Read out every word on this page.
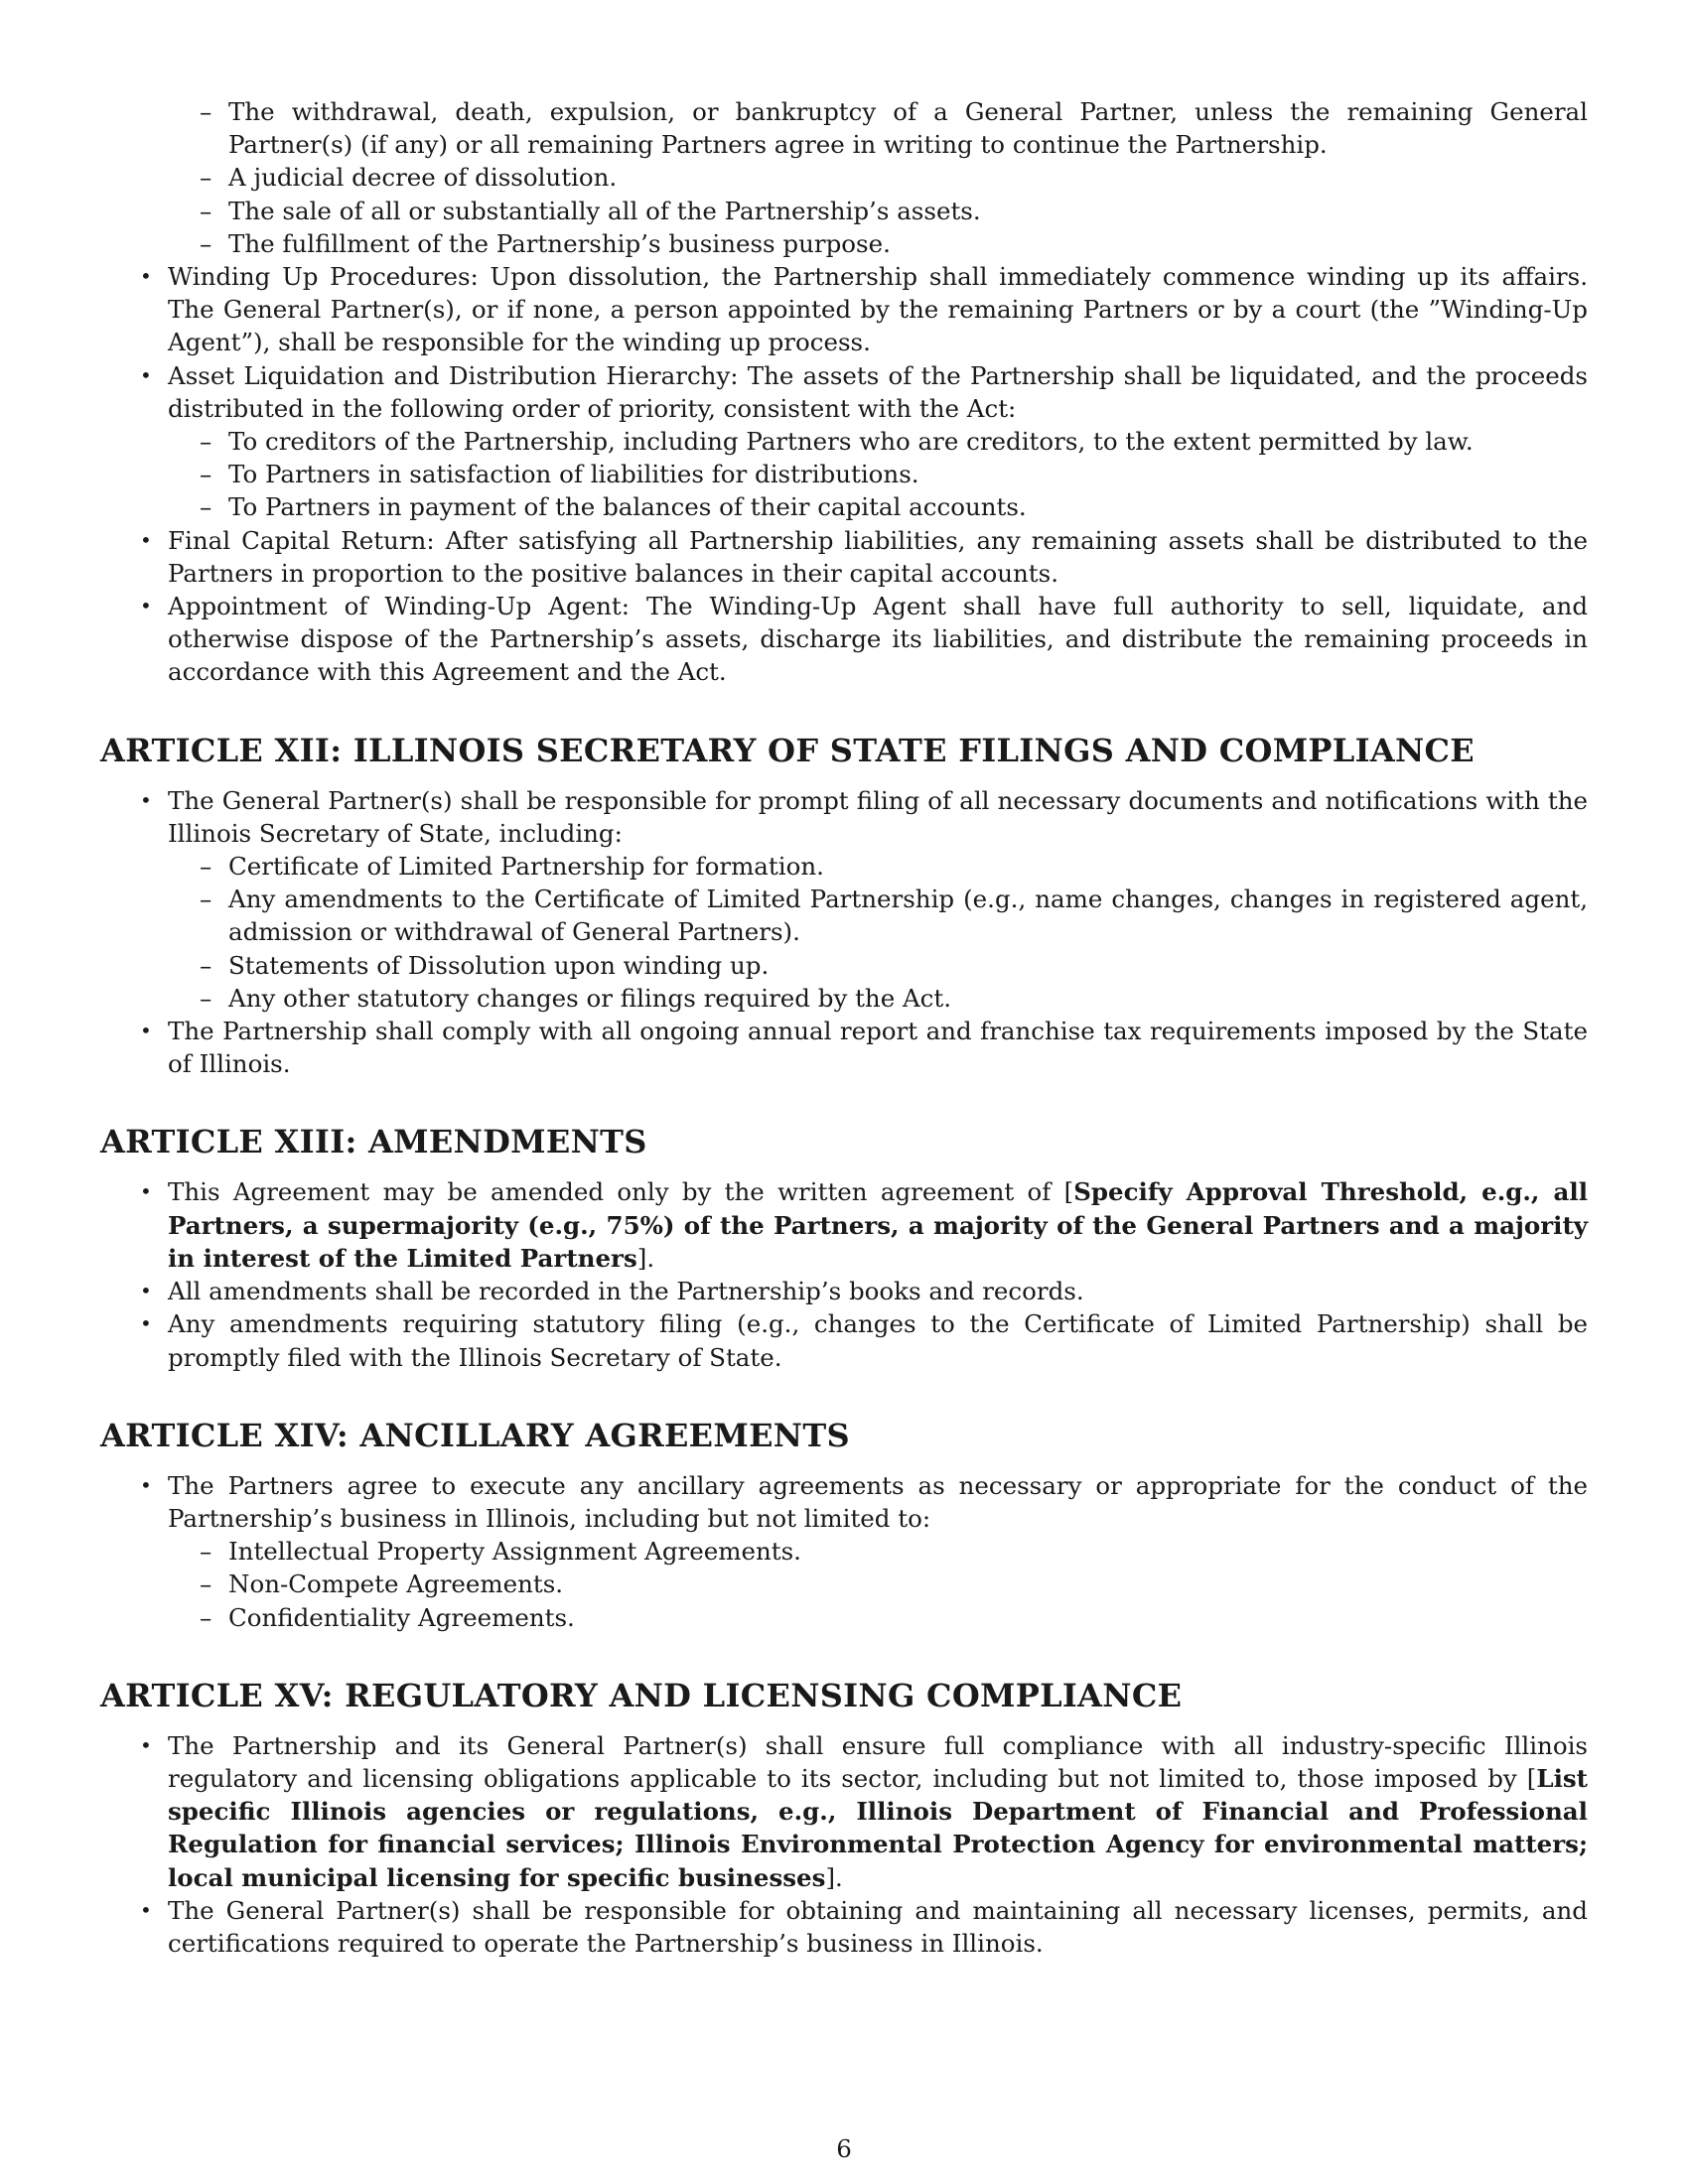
– The withdrawal, death, expulsion, or bankruptcy of a General Partner, unless the remaining General Partner(s) (if any) or all remaining Partners agree in writing to continue the Partnership.
– A judicial decree of dissolution.
– The sale of all or substantially all of the Partnership’s assets.
– The fulfillment of the Partnership’s business purpose.
• Winding Up Procedures: Upon dissolution, the Partnership shall immediately commence winding up its affairs. The General Partner(s), or if none, a person appointed by the remaining Partners or by a court (the ”Winding-Up Agent”), shall be responsible for the winding up process.
• Asset Liquidation and Distribution Hierarchy: The assets of the Partnership shall be liquidated, and the proceeds distributed in the following order of priority, consistent with the Act:
– To creditors of the Partnership, including Partners who are creditors, to the extent permitted by law.
– To Partners in satisfaction of liabilities for distributions.
– To Partners in payment of the balances of their capital accounts.
• Final Capital Return: After satisfying all Partnership liabilities, any remaining assets shall be distributed to the Partners in proportion to the positive balances in their capital accounts.
• Appointment of Winding-Up Agent: The Winding-Up Agent shall have full authority to sell, liquidate, and otherwise dispose of the Partnership’s assets, discharge its liabilities, and distribute the remaining proceeds in accordance with this Agreement and the Act.
ARTICLE XII: ILLINOIS SECRETARY OF STATE FILINGS AND COMPLIANCE
• The General Partner(s) shall be responsible for prompt filing of all necessary documents and notifications with the Illinois Secretary of State, including:
– Certificate of Limited Partnership for formation.
– Any amendments to the Certificate of Limited Partnership (e.g., name changes, changes in registered agent, admission or withdrawal of General Partners).
– Statements of Dissolution upon winding up.
– Any other statutory changes or filings required by the Act.
• The Partnership shall comply with all ongoing annual report and franchise tax requirements imposed by the State of Illinois.
ARTICLE XIII: AMENDMENTS
• This Agreement may be amended only by the written agreement of [Specify Approval Threshold, e.g., all Partners, a supermajority (e.g., 75%) of the Partners, a majority of the General Partners and a majority in interest of the Limited Partners].
• All amendments shall be recorded in the Partnership’s books and records.
• Any amendments requiring statutory filing (e.g., changes to the Certificate of Limited Partnership) shall be promptly filed with the Illinois Secretary of State.
ARTICLE XIV: ANCILLARY AGREEMENTS
• The Partners agree to execute any ancillary agreements as necessary or appropriate for the conduct of the Partnership’s business in Illinois, including but not limited to:
– Intellectual Property Assignment Agreements.
– Non-Compete Agreements.
– Confidentiality Agreements.
ARTICLE XV: REGULATORY AND LICENSING COMPLIANCE
• The Partnership and its General Partner(s) shall ensure full compliance with all industry-specific Illinois regulatory and licensing obligations applicable to its sector, including but not limited to, those imposed by [List specific Illinois agencies or regulations, e.g., Illinois Department of Financial and Professional Regulation for financial services; Illinois Environmental Protection Agency for environmental matters; local municipal licensing for specific businesses].
• The General Partner(s) shall be responsible for obtaining and maintaining all necessary licenses, permits, and certifications required to operate the Partnership’s business in Illinois.
6
